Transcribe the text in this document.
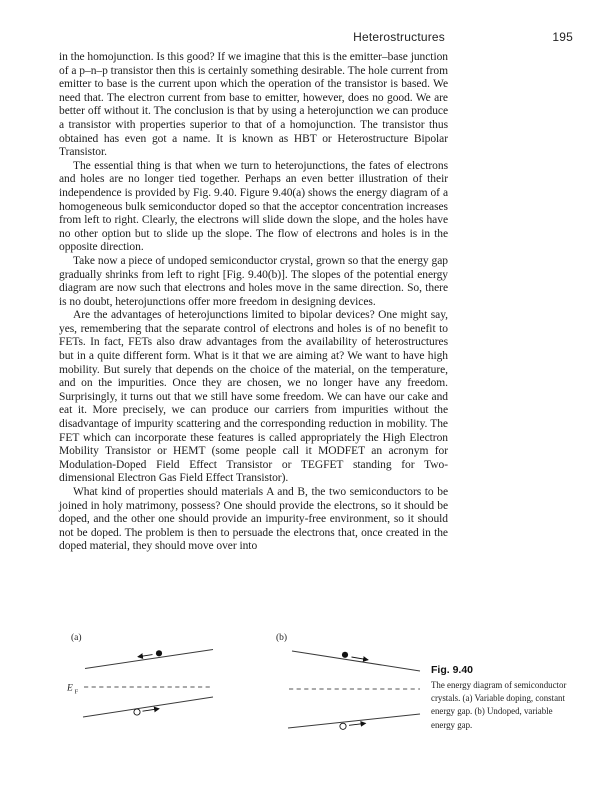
Heterostructures	195

in the homojunction. Is this good? If we imagine that this is the emitter–base junction of a p–n–p transistor then this is certainly something desirable. The hole current from emitter to base is the current upon which the operation of the transistor is based. We need that. The electron current from base to emitter, however, does no good. We are better off without it. The conclusion is that by using a heterojunction we can produce a transistor with properties superior to that of a homojunction. The transistor thus obtained has even got a name. It is known as HBT or Heterostructure Bipolar Transistor.

The essential thing is that when we turn to heterojunctions, the fates of electrons and holes are no longer tied together. Perhaps an even better illustration of their independence is provided by Fig. 9.40. Figure 9.40(a) shows the energy diagram of a homogeneous bulk semiconductor doped so that the acceptor concentration increases from left to right. Clearly, the electrons will slide down the slope, and the holes have no other option but to slide up the slope. The flow of electrons and holes is in the opposite direction.

Take now a piece of undoped semiconductor crystal, grown so that the energy gap gradually shrinks from left to right [Fig. 9.40(b)]. The slopes of the potential energy diagram are now such that electrons and holes move in the same direction. So, there is no doubt, heterojunctions offer more freedom in designing devices.

Are the advantages of heterojunctions limited to bipolar devices? One might say, yes, remembering that the separate control of electrons and holes is of no benefit to FETs. In fact, FETs also draw advantages from the availability of heterostructures but in a quite different form. What is it that we are aiming at? We want to have high mobility. But surely that depends on the choice of the material, on the temperature, and on the impurities. Once they are chosen, we no longer have any freedom. Surprisingly, it turns out that we still have some freedom. We can have our cake and eat it. More precisely, we can produce our carriers from impurities without the disadvantage of impurity scattering and the corresponding reduction in mobility. The FET which can incorporate these features is called appropriately the High Electron Mobility Transistor or HEMT (some people call it MODFET an acronym for Modulation-Doped Field Effect Transistor or TEGFET standing for Two-dimensional Electron Gas Field Effect Transistor).

What kind of properties should materials A and B, the two semiconductors to be joined in holy matrimony, possess? One should provide the electrons, so it should be doped, and the other one should provide an impurity-free environment, so it should not be doped. The problem is then to persuade the electrons that, once created in the doped material, they should move over into

(a)
E F
(b)
Fig. 9.40
The energy diagram of semiconductor crystals. (a) Variable doping, constant energy gap. (b) Undoped, variable energy gap.
